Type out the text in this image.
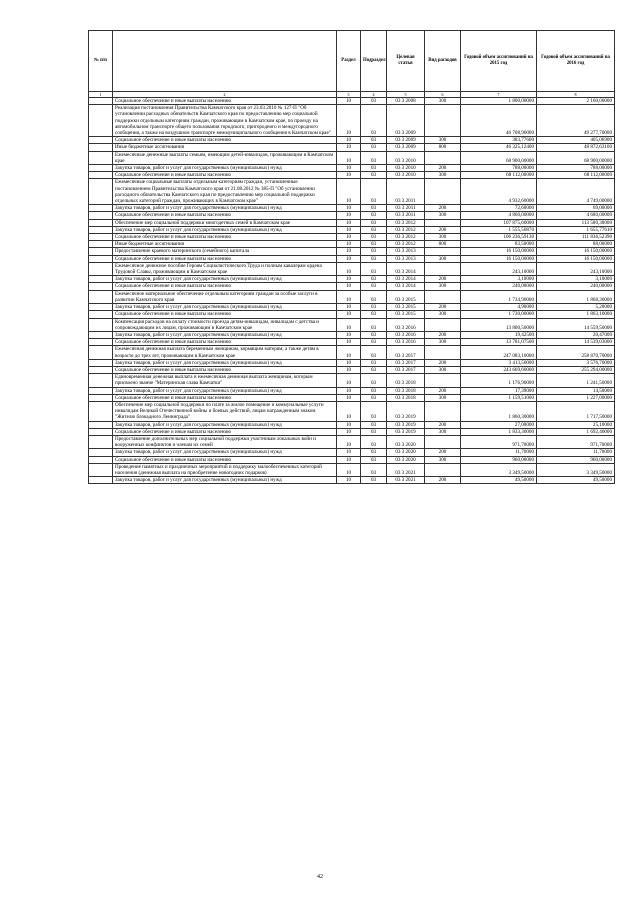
№ п/п		Раздел	Подраздел	Целевая статья	Вид расходов	Годовой объем ассигнований на 2015 год	Годовой объем ассигнований на 2016 год
1	2	3	4	5	6	7	8
	Социальное обеспечение и иные выплаты населению	10	03	03 3 2008	300	1 800,00000	2 160,00000
	Реализация постановления Правительства Камчатского края от 23.03.2010 № 127-П "Об установлении расходных обязательств Камчатского края по предоставлению мер социальной поддержки отдельным категориям граждан, проживающим в Камчатском крае, по проезду на автомобильном транспорте общего пользования городского, пригородного и междугородного сообщения, а также на воздушном транспорте межмуниципального сообщения в Камчатском крае"	10	03	03 3 2009		46 708,90000	49 277,70000
	Социальное обеспечение и иные выплаты населению	10	03	03 3 2009	300	383,77600	405,06900
	Иные бюджетные ассигнования	10	03	03 3 2009	800	46 325,12400	48 872,63100
	Ежемесячные денежные выплаты семьям, имеющим детей-инвалидов, проживающим в Камчатском крае	10	03	03 3 2010		68 900,00000	68 900,00000
	Закупка товаров, работ и услуг для государственных (муниципальных) нужд	10	03	03 3 2010	200	788,00000	788,00000
	Социальное обеспечение и иные выплаты населению	10	03	03 3 2010	300	68 112,00000	68 112,00000
	Ежемесячные социальные выплаты отдельным категориям граждан, установленные постановлением Правительства Камчатского края от 21.08.2012 № 385-П "Об установлении расходного обязательства Камчатского края по предоставлению мер социальной поддержки отдельных категорий граждан, проживающих в Камчатском крае"	10	03	03 3 2011		4 932,60000	4 749,00000
	Закупка товаров, работ и услуг для государственных (муниципальных) нужд	10	03	03 3 2011	200	72,60000	69,00000
	Социальное обеспечение и иные выплаты населению	10	03	03 3 2011	300	4 860,00000	4 680,00000
	Обеспечение мер социальной поддержки многодетных семей в Камчатском крае	10	03	03 3 2012		107 875,60000	113 580,30000
	Закупка товаров, работ и услуг для государственных (муниципальных) нужд	10	03	03 3 2012	200	1 555,50870	1 655,77610
	Социальное обеспечение и иные выплаты населению	10	03	03 3 2012	300	106 236,59130	111 836,52390
	Иные бюджетные ассигнования	10	03	03 3 2012	800	83,50000	88,00000
	Предоставление краевого материнского (семейного) капитала	10	03	03 3 2013		16 150,00000	16 150,00000
	Социальное обеспечение и иные выплаты населению	10	03	03 3 2013	300	16 150,00000	16 150,00000
	Ежемесячное денежное пособие Героям Социалистического Труда и полным кавалерам ордена Трудовой Славы, проживающим в Камчатском крае	10	03	03 3 2014		243,10000	243,10000
	Закупка товаров, работ и услуг для государственных (муниципальных) нужд	10	03	03 3 2014	200	3,10000	3,10000
	Социальное обеспечение и иные выплаты населению	10	03	03 3 2014	300	240,00000	240,00000
	Ежемесячное материальное обеспечение отдельным категориям граждан за особые заслуги в развитии Камчатского края	10	03	03 3 2015		1 734,90000	1 868,30000
	Закупка товаров, работ и услуг для государственных (муниципальных) нужд	10	03	03 3 2015	200	4,90000	5,20000
	Социальное обеспечение и иные выплаты населению	10	03	03 3 2015	300	1 730,00000	1 863,10000
	Компенсация расходов на оплату стоимости проезда детям-инвалидам, инвалидам с детства и сопровождающим их лицам, проживающим в Камчатском крае	10	03	03 3 2016		13 800,50000	14 559,50000
	Закупка товаров, работ и услуг для государственных (муниципальных) нужд	10	03	03 3 2016	200	19,42500	20,47000
	Социальное обеспечение и иные выплаты населению	10	03	03 3 2016	300	13 781,07500	14 539,03000
	Ежемесячная денежная выплата беременным женщинам, кормящим матерям, а также детям в возрасте до трех лет, проживающим в Камчатском крае	10	03	03 3 2017		247 083,10000	258 870,70000
	Закупка товаров, работ и услуг для государственных (муниципальных) нужд	10	03	03 3 2017	200	3 413,50000	3 576,70000
	Социальное обеспечение и иные выплаты населению	10	03	03 3 2017	300	243 669,60000	255 294,00000
	Единовременная денежная выплата и ежемесячная денежная выплата женщинам, которым присвоено звание "Материнская слава Камчатки"	10	03	03 3 2018		1 176,90000	1 241,50000
	Закупка товаров, работ и услуг для государственных (муниципальных) нужд	10	03	03 3 2018	200	17,39000	14,50000
	Социальное обеспечение и иные выплаты населению	10	03	03 3 2018	300	1 159,51000	1 227,00000
	Обеспечение мер социальной поддержки по плате за жилое помещение и коммунальные услуги инвалидам Великой Отечественной войны и боевых действий, лицам награжденным знаком "Жителю блокадного Ленинграда"	10	03	03 3 2019		1 860,30000	1 717,50000
	Закупка товаров, работ и услуг для государственных (муниципальных) нужд	10	03	03 3 2019	200	27,00000	25,10000
	Социальное обеспечение и иные выплаты населению	10	03	03 3 2019	300	1 833,30000	1 692,40000
	Предоставление дополнительных мер социальной поддержки участникам локальных войн и вооруженных конфликтов и членам их семей	10	03	03 3 2020		971,70000	971,70000
	Закупка товаров, работ и услуг для государственных (муниципальных) нужд	10	03	03 3 2020	200	11,70000	11,70000
	Социальное обеспечение и иные выплаты населению	10	03	03 3 2020	300	960,00000	960,00000
	Проведение памятных и праздничных мероприятий и поддержку малообеспеченных категорий населения (денежная выплата на приобретение новогодних подарков)	10	03	03 3 2021		3 349,50000	3 349,50000
	Закупка товаров, работ и услуг для государственных (муниципальных) нужд	10	03	03 3 2021	200	49,50000	49,50000
42
